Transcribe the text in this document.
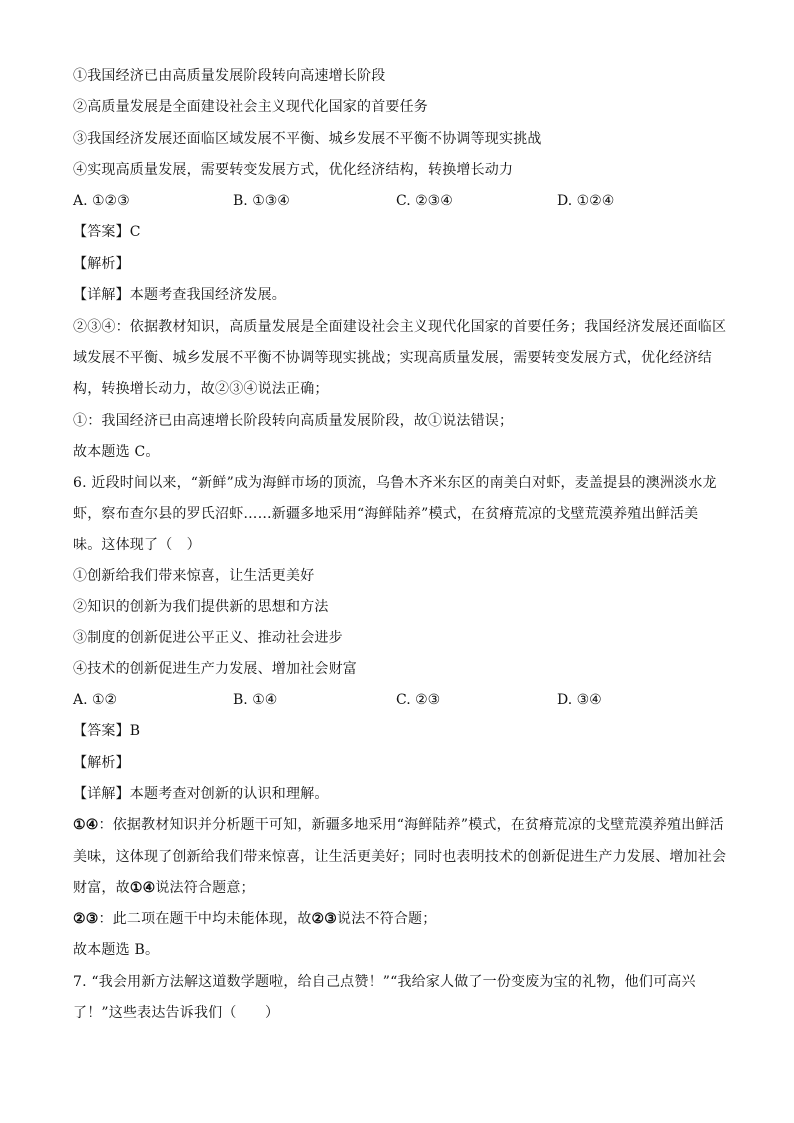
①我国经济已由高质量发展阶段转向高速增长阶段
②高质量发展是全面建设社会主义现代化国家的首要任务
③我国经济发展还面临区域发展不平衡、城乡发展不平衡不协调等现实挑战
④实现高质量发展，需要转变发展方式，优化经济结构，转换增长动力
A. ①②③	B. ①③④	C. ②③④	D. ①②④
【答案】C
【解析】
【详解】本题考查我国经济发展。
②③④：依据教材知识，高质量发展是全面建设社会主义现代化国家的首要任务；我国经济发展还面临区
域发展不平衡、城乡发展不平衡不协调等现实挑战；实现高质量发展，需要转变发展方式，优化经济结
构，转换增长动力，故②③④说法正确；
①：我国经济已由高速增长阶段转向高质量发展阶段，故①说法错误；
故本题选 C。
6. 近段时间以来，“新鲜”成为海鲜市场的顶流，乌鲁木齐米东区的南美白对虾，麦盖提县的澳洲淡水龙
虾，察布查尔县的罗氏沼虾……新疆多地采用“海鲜陆养”模式，在贫瘠荒凉的戈壁荒漠养殖出鲜活美
味。这体现了（　）
①创新给我们带来惊喜，让生活更美好
②知识的创新为我们提供新的思想和方法
③制度的创新促进公平正义、推动社会进步
④技术的创新促进生产力发展、增加社会财富
A. ①②	B. ①④	C. ②③	D. ③④
【答案】B
【解析】
【详解】本题考查对创新的认识和理解。
①④：依据教材知识并分析题干可知，新疆多地采用“海鲜陆养”模式，在贫瘠荒凉的戈壁荒漠养殖出鲜活
美味，这体现了创新给我们带来惊喜，让生活更美好；同时也表明技术的创新促进生产力发展、增加社会
财富，故①④说法符合题意；
②③：此二项在题干中均未能体现，故②③说法不符合题；
故本题选 B。
7. “我会用新方法解这道数学题啦，给自己点赞！”“我给家人做了一份变废为宝的礼物，他们可高兴
了！”这些表达告诉我们（　　）
